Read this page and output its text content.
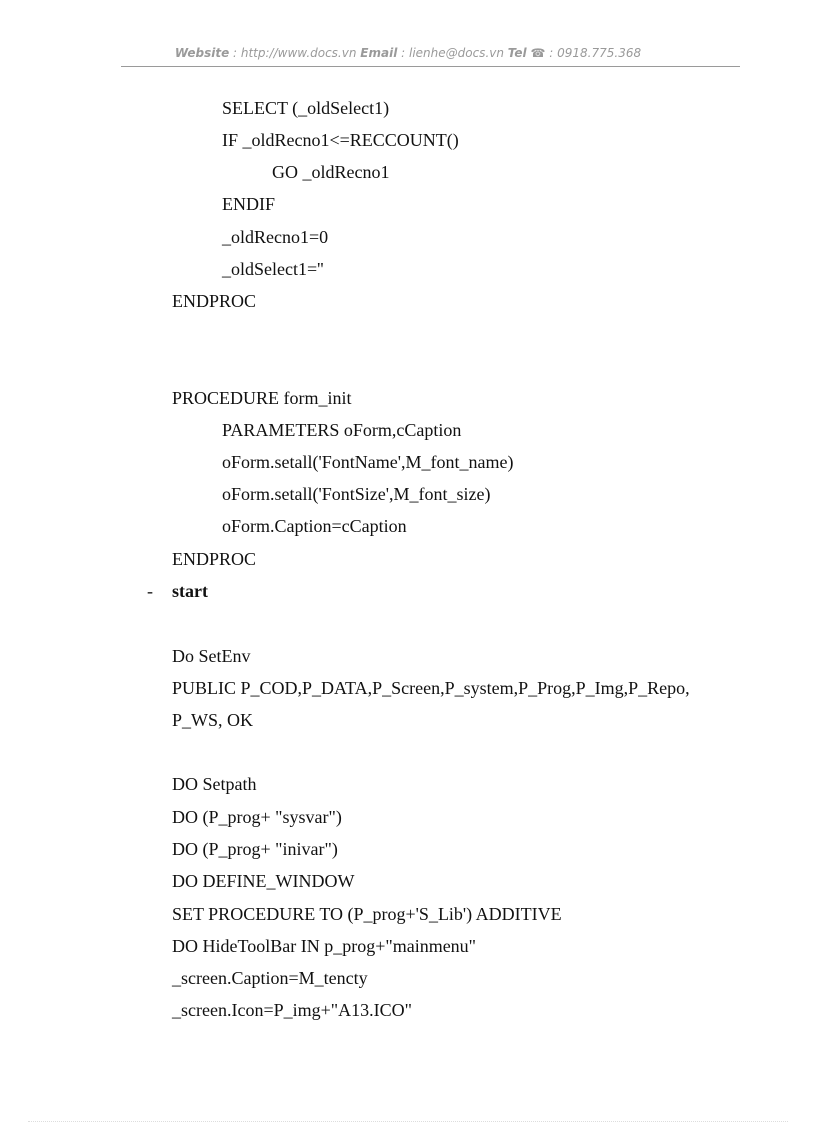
Website : http://www.docs.vn Email : lienhe@docs.vn Tel ☎ : 0918.775.368
SELECT (_oldSelect1)
IF _oldRecno1<=RECCOUNT()
GO _oldRecno1
ENDIF
_oldRecno1=0
_oldSelect1=''
ENDPROC
PROCEDURE form_init
PARAMETERS oForm,cCaption
oForm.setall('FontName',M_font_name)
oForm.setall('FontSize',M_font_size)
oForm.Caption=cCaption
ENDPROC
- start
Do SetEnv
PUBLIC P_COD,P_DATA,P_Screen,P_system,P_Prog,P_Img,P_Repo,
P_WS, OK
DO Setpath
DO (P_prog+ "sysvar")
DO (P_prog+ "inivar")
DO DEFINE_WINDOW
SET PROCEDURE TO (P_prog+'S_Lib') ADDITIVE
DO HideToolBar IN p_prog+"mainmenu"
_screen.Caption=M_tencty
_screen.Icon=P_img+"A13.ICO"
